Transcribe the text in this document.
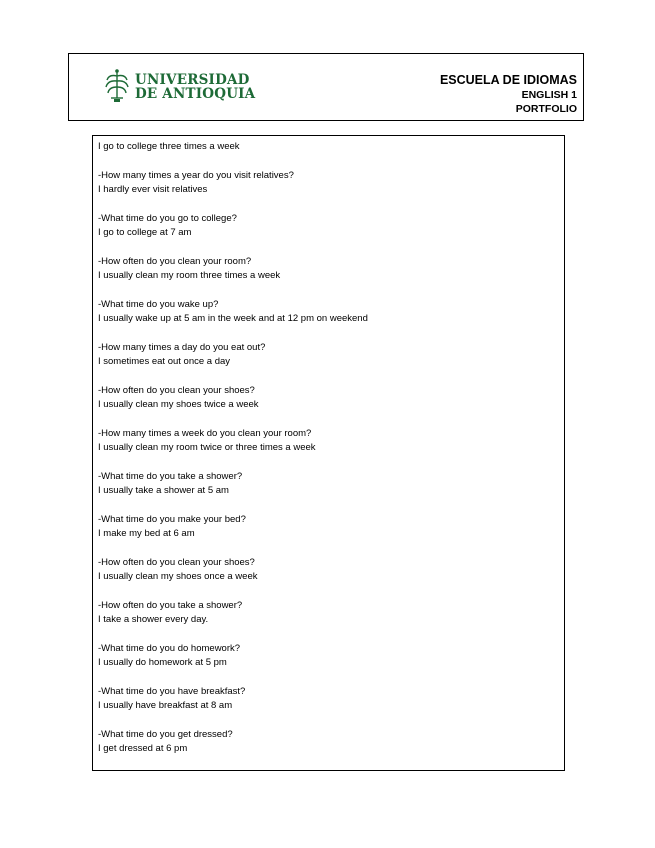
UNIVERSIDAD
DE ANTIOQUIA
ESCUELA DE IDIOMAS
ENGLISH 1
PORTFOLIO
I go to college three times a week
-How many times a year do you visit relatives?
I hardly ever visit relatives
-What time do you go to college?
I go to college at 7 am
-How often do you clean your room?
I usually clean my room three times a week
-What time do you wake up?
I usually wake up at 5 am in the week and at 12 pm on weekend
-How many times a day do you eat out?
I sometimes eat out once a day
-How often do you clean your shoes?
I usually clean my shoes twice a week
-How many times a week do you clean your room?
I usually clean my room twice or three times a week
-What time do you take a shower?
I usually take a shower at 5 am
-What time do you make your bed?
I make my bed at 6 am
-How often do you clean your shoes?
I usually clean my shoes once a week
-How often do you take a shower?
I take a shower every day.
-What time do you do homework?
I usually do homework at 5 pm
-What time do you have breakfast?
I usually have breakfast at 8 am
-What time do you get dressed?
I get dressed at 6 pm
